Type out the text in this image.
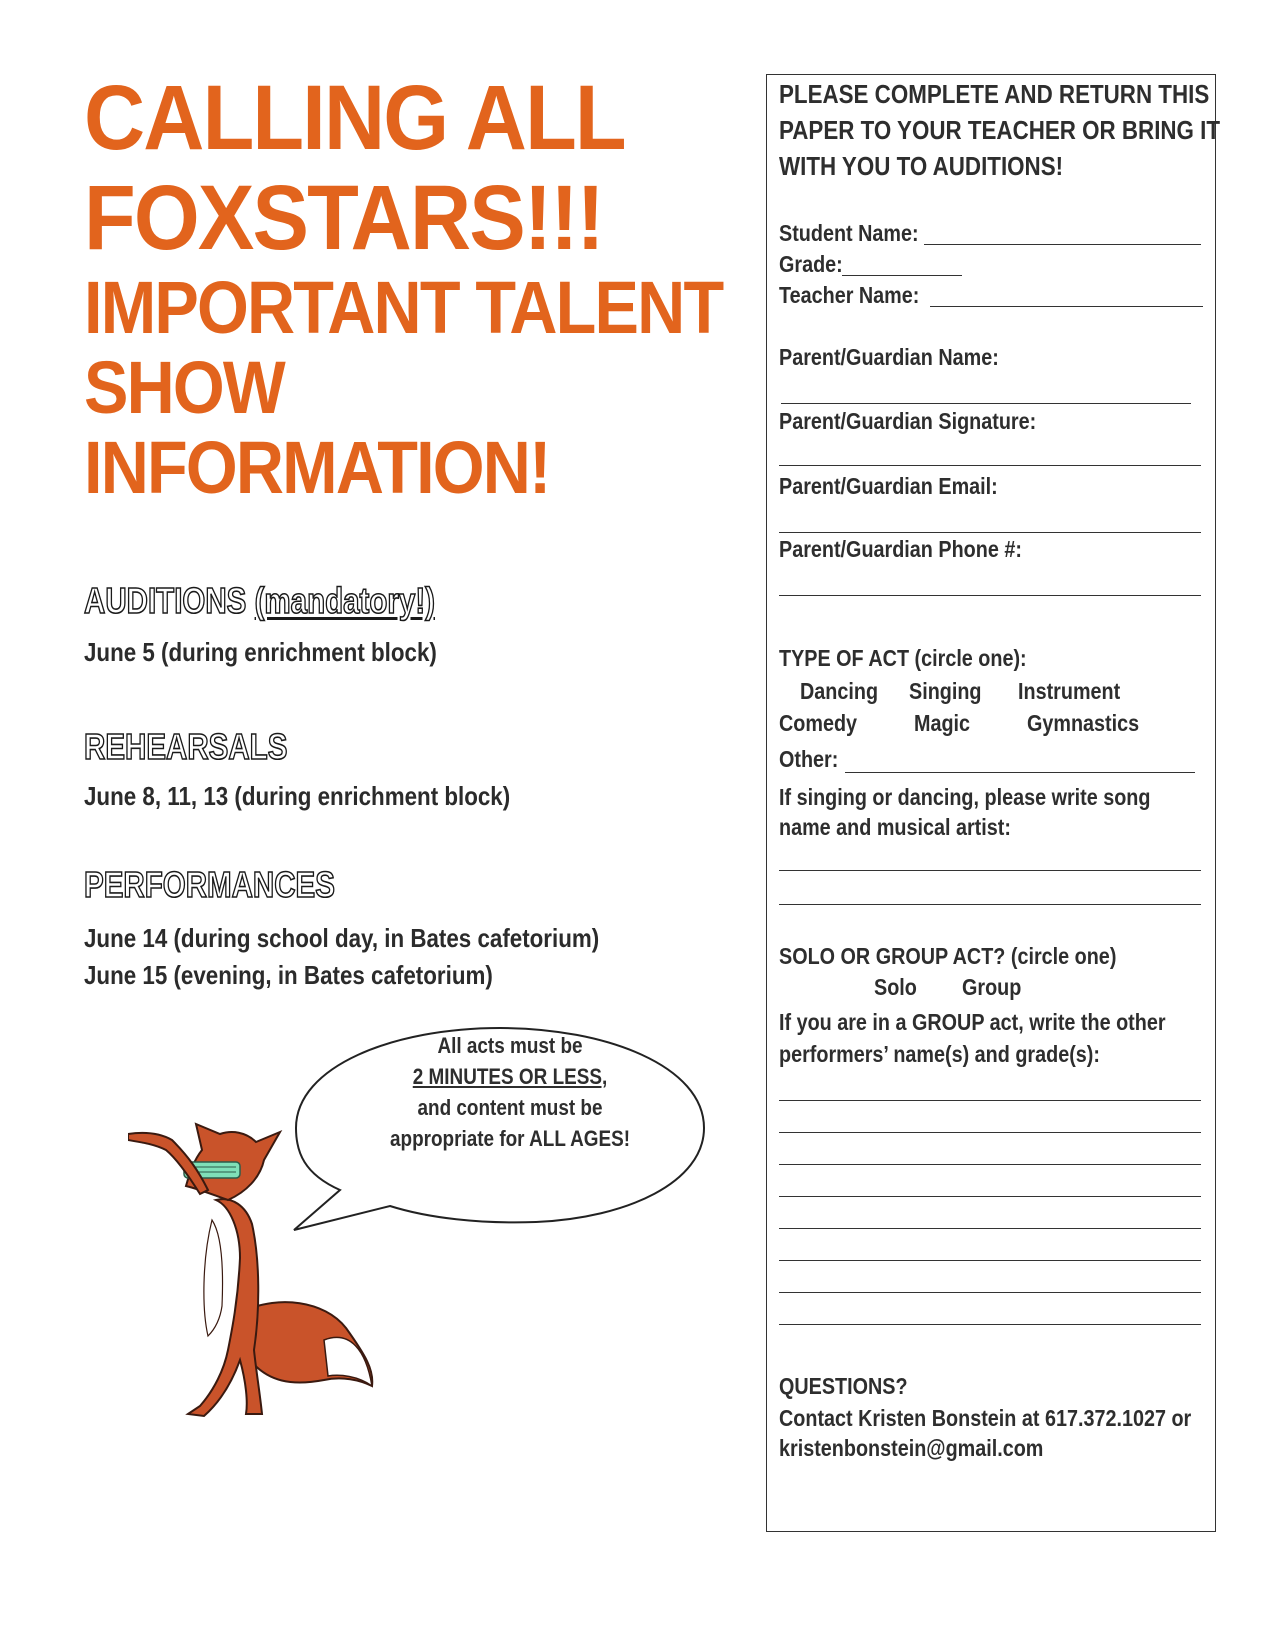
CALLING ALL
FOXSTARS!!!
IMPORTANT TALENT
SHOW
INFORMATION!
AUDITIONS (mandatory!)

June 5 (during enrichment block)

REHEARSALS

June 8, 11, 13 (during enrichment block)

PERFORMANCES

June 14 (during school day, in Bates cafetorium)

June 15 (evening, in Bates cafetorium)

All acts must be
2 MINUTES OR LESS,
and content must be
appropriate for ALL AGES!

PLEASE COMPLETE AND RETURN THIS

PAPER TO YOUR TEACHER OR BRING IT

WITH YOU TO AUDITIONS!

Student Name:

Grade:

Teacher Name:

Parent/Guardian Name:

Parent/Guardian Signature:

Parent/Guardian Email:

Parent/Guardian Phone #:

TYPE OF ACT (circle one):

Dancing Singing Instrument
Comedy Magic Gymnastics

Other:

If singing or dancing, please write song

name and musical artist:

SOLO OR GROUP ACT? (circle one)

Solo Group

If you are in a GROUP act, write the other

performers’ name(s) and grade(s):

QUESTIONS?

Contact Kristen Bonstein at 617.372.1027 or

kristenbonstein@gmail.com
